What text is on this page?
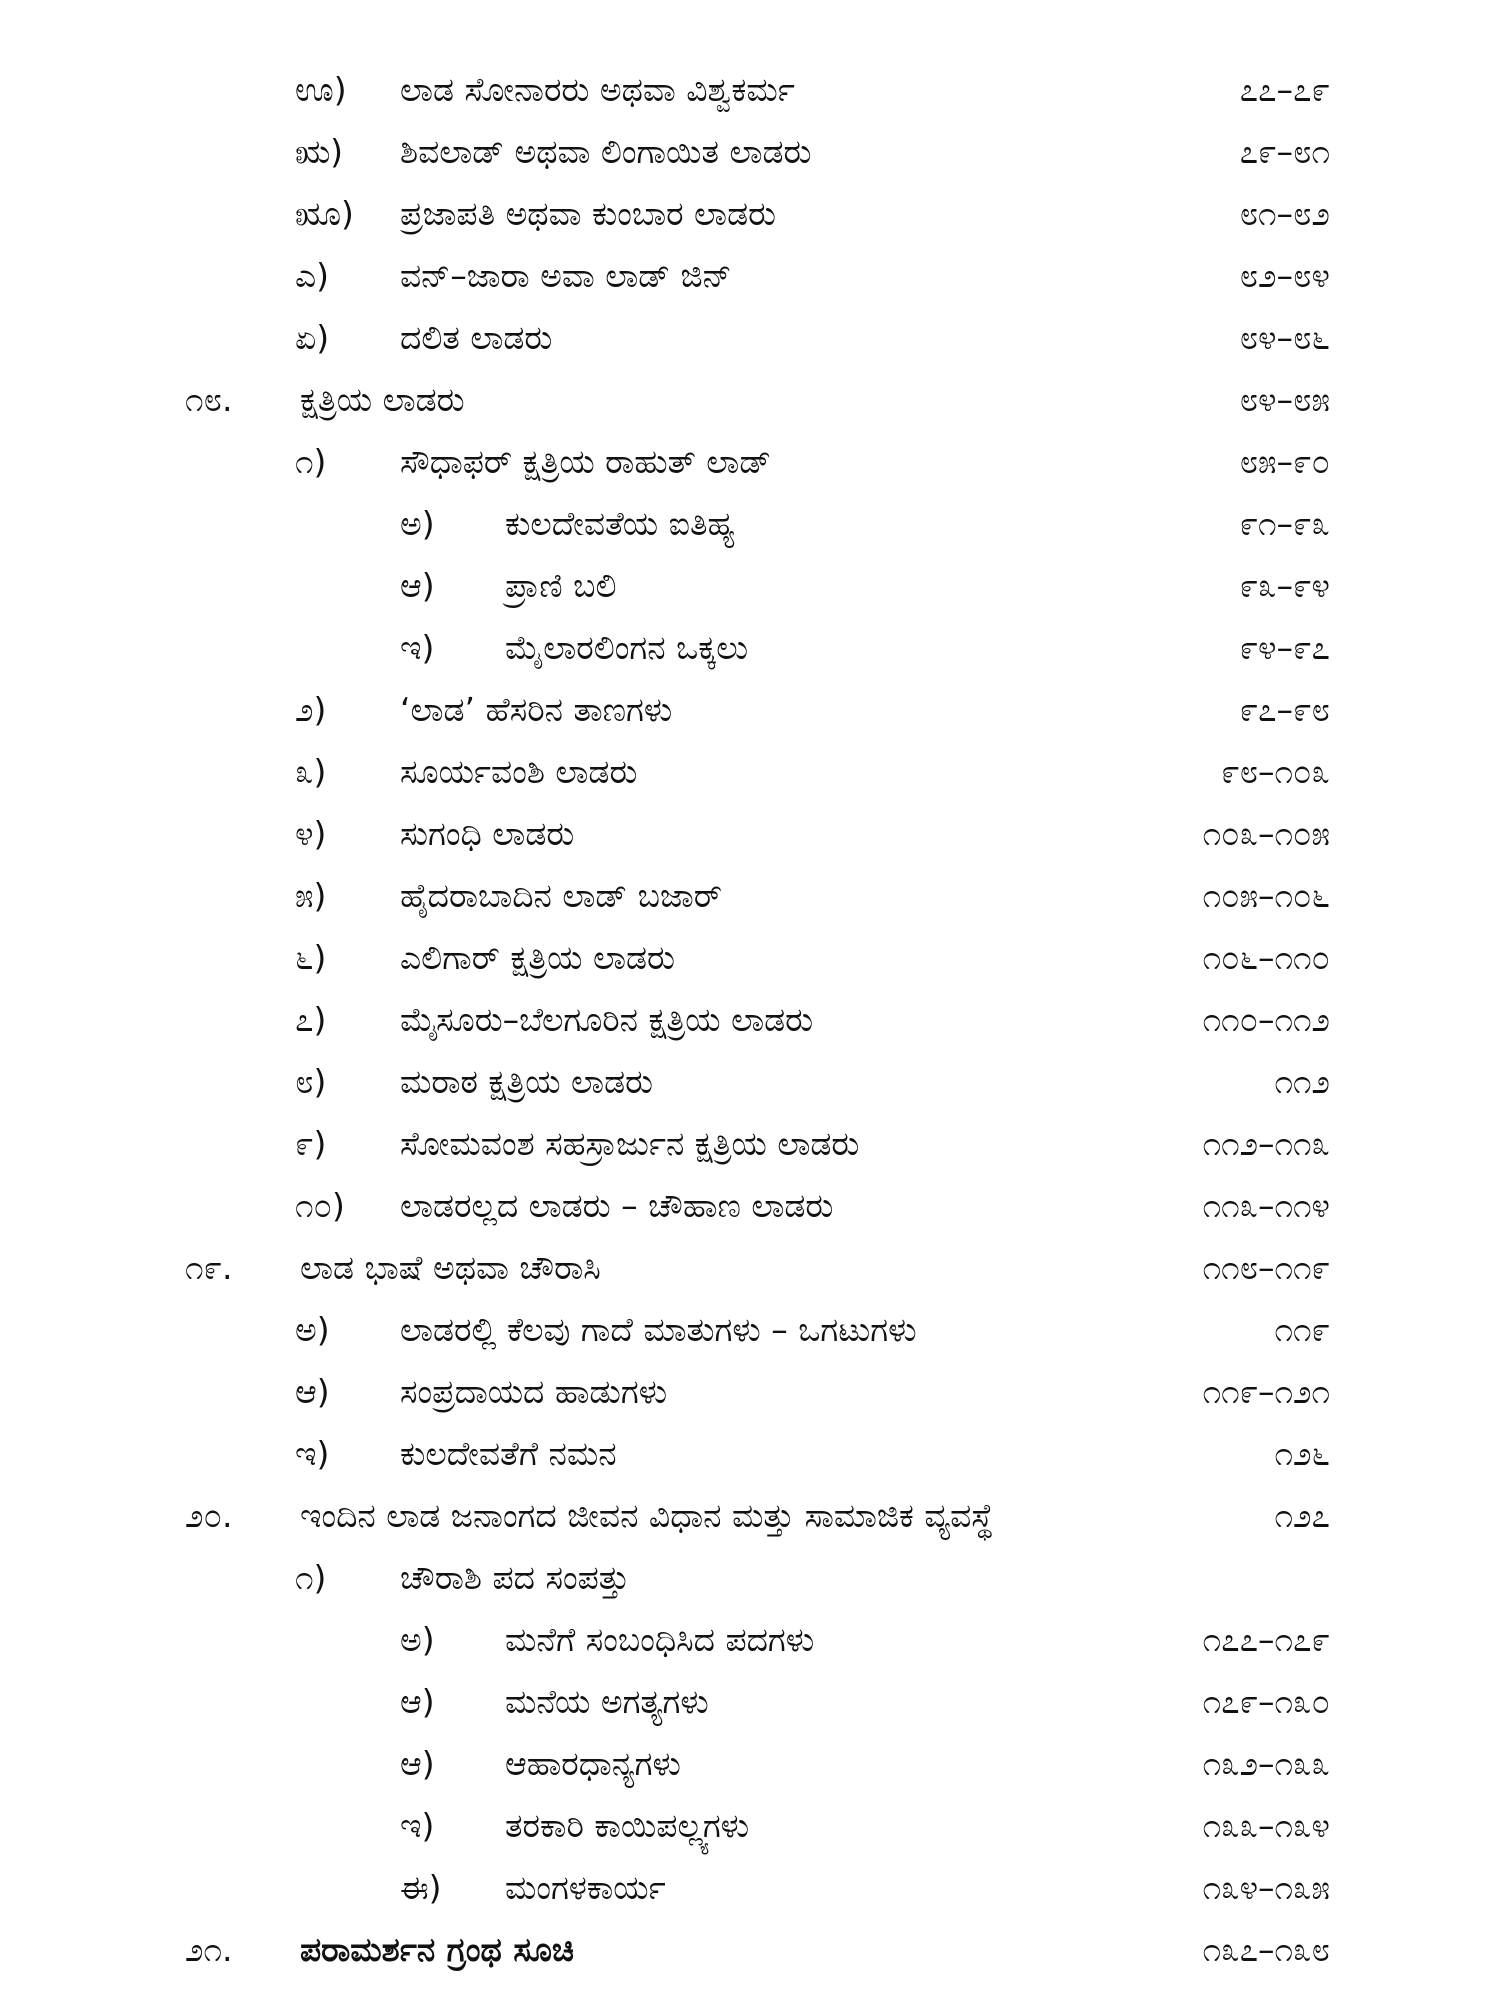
ಊ) ಲಾಡ ಸೋನಾರರು ಅಥವಾ ವಿಶ್ವಕರ್ಮ	೭೭–೭೯
ಋ) ಶಿವಲಾಡ್ ಅಥವಾ ಲಿಂಗಾಯಿತ ಲಾಡರು	೭೯–೮೧
ೠ) ಪ್ರಜಾಪತಿ ಅಥವಾ ಕುಂಬಾರ ಲಾಡರು	೮೧–೮೨
ಎ) ವನ್–ಜಾರಾ ಅವಾ ಲಾಡ್ ಜಿನ್	೮೨–೮೪
ಏ) ದಲಿತ ಲಾಡರು	೮೪–೮೬
೧೮. ಕ್ಷತ್ರಿಯ ಲಾಡರು	೮೪–೮೫
೧) ಸೌಧಾಫರ್ ಕ್ಷತ್ರಿಯ ರಾಹುತ್ ಲಾಡ್	೮೫–೯೦
ಅ) ಕುಲದೇವತೆಯ ಐತಿಹ್ಯ	೯೧–೯೩
ಆ) ಪ್ರಾಣಿ ಬಲಿ	೯೩–೯೪
ಇ) ಮೈಲಾರಲಿಂಗನ ಒಕ್ಕಲು	೯೪–೯೭
೨) ‘ಲಾಡ’ ಹೆಸರಿನ ತಾಣಗಳು	೯೭–೯೮
೩) ಸೂರ್ಯವಂಶಿ ಲಾಡರು	೯೮–೧೦೩
೪) ಸುಗಂಧಿ ಲಾಡರು	೧೦೩–೧೦೫
೫) ಹೈದರಾಬಾದಿನ ಲಾಡ್ ಬಜಾರ್	೧೦೫–೧೦೬
೬) ಎಲಿಗಾರ್ ಕ್ಷತ್ರಿಯ ಲಾಡರು	೧೦೬–೧೧೦
೭) ಮೈಸೂರು–ಬೆಲಗೂರಿನ ಕ್ಷತ್ರಿಯ ಲಾಡರು	೧೧೦–೧೧೨
೮) ಮರಾಠ ಕ್ಷತ್ರಿಯ ಲಾಡರು	೧೧೨
೯) ಸೋಮವಂಶ ಸಹಸ್ರಾರ್ಜುನ ಕ್ಷತ್ರಿಯ ಲಾಡರು	೧೧೨–೧೧೩
೧೦) ಲಾಡರಲ್ಲದ ಲಾಡರು – ಚೌಹಾಣ ಲಾಡರು	೧೧೩–೧೧೪
೧೯. ಲಾಡ ಭಾಷೆ ಅಥವಾ ಚೌರಾಸಿ	೧೧೮–೧೧೯
ಅ) ಲಾಡರಲ್ಲಿ ಕೆಲವು ಗಾದೆ ಮಾತುಗಳು – ಒಗಟುಗಳು	೧೧೯
ಆ) ಸಂಪ್ರದಾಯದ ಹಾಡುಗಳು	೧೧೯–೧೨೧
ಇ) ಕುಲದೇವತೆಗೆ ನಮನ	೧೨೬
೨೦. ಇಂದಿನ ಲಾಡ ಜನಾಂಗದ ಜೀವನ ವಿಧಾನ ಮತ್ತು ಸಾಮಾಜಿಕ ವ್ಯವಸ್ಥೆ	೧೨೭
೧) ಚೌರಾಶಿ ಪದ ಸಂಪತ್ತು
ಅ) ಮನೆಗೆ ಸಂಬಂಧಿಸಿದ ಪದಗಳು	೧೭೭–೧೭೯
ಆ) ಮನೆಯ ಅಗತ್ಯಗಳು	೧೭೯–೧೩೦
ಆ) ಆಹಾರಧಾನ್ಯಗಳು	೧೩೨–೧೩೩
ಇ) ತರಕಾರಿ ಕಾಯಿಪಲ್ಲ್ಯಗಳು	೧೩೩–೧೩೪
ಈ) ಮಂಗಳಕಾರ್ಯ	೧೩೪–೧೩೫
೨೧. ಪರಾಮರ್ಶನ ಗ್ರಂಥ ಸೂಚಿ	೧೩೭–೧೩೮
